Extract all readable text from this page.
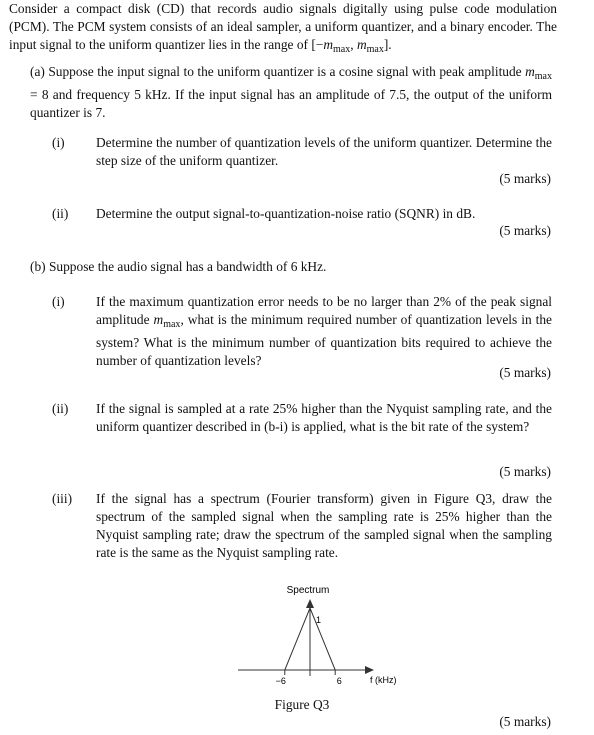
Consider a compact disk (CD) that records audio signals digitally using pulse code modulation (PCM). The PCM system consists of an ideal sampler, a uniform quantizer, and a binary encoder. The input signal to the uniform quantizer lies in the range of [$-m_{max}$, $m_{max}$].
(a) Suppose the input signal to the uniform quantizer is a cosine signal with peak amplitude $m_{max} = 8$ and frequency 5 kHz. If the input signal has an amplitude of 7.5, the output of the uniform quantizer is 7.
(i) Determine the number of quantization levels of the uniform quantizer. Determine the step size of the uniform quantizer.
(5 marks)
(ii) Determine the output signal-to-quantization-noise ratio (SQNR) in dB.
(5 marks)
(b) Suppose the audio signal has a bandwidth of 6 kHz.
(i) If the maximum quantization error needs to be no larger than 2% of the peak signal amplitude $m_{max}$, what is the minimum required number of quantization levels in the system? What is the minimum number of quantization bits required to achieve the number of quantization levels?
(5 marks)
(ii) If the signal is sampled at a rate 25% higher than the Nyquist sampling rate, and the uniform quantizer described in (b-i) is applied, what is the bit rate of the system?
(5 marks)
(iii) If the signal has a spectrum (Fourier transform) given in Figure Q3, draw the spectrum of the sampled signal when the sampling rate is 25% higher than the Nyquist sampling rate; draw the spectrum of the sampled signal when the sampling rate is the same as the Nyquist sampling rate.
Spectrum
1
−6	6	f (kHz)
Figure Q3
(5 marks)
